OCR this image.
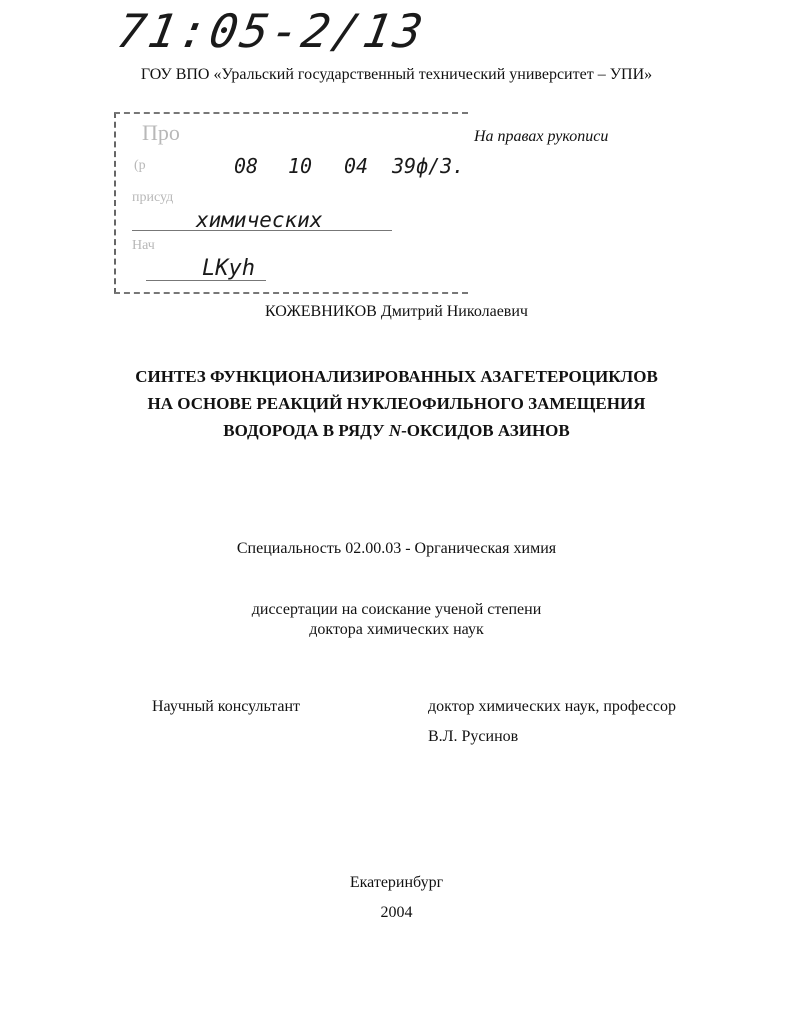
71:05-2/13
ГОУ ВПО «Уральский государственный технический университет – УПИ»
Про
(р	08 10 04 39ф/3.
присуд
химических
Нач
LKyh
На правах рукописи
КОЖЕВНИКОВ Дмитрий Николаевич
СИНТЕЗ ФУНКЦИОНАЛИЗИРОВАННЫХ АЗАГЕТЕРОЦИКЛОВ
НА ОСНОВЕ РЕАКЦИЙ НУКЛЕОФИЛЬНОГО ЗАМЕЩЕНИЯ
ВОДОРОДА В РЯДУ N-ОКСИДОВ АЗИНОВ
Специальность 02.00.03 - Органическая химия
диссертации на соискание ученой степени
доктора химических наук
Научный консультант	доктор химических наук, профессор
В.Л. Русинов
Екатеринбург
2004
